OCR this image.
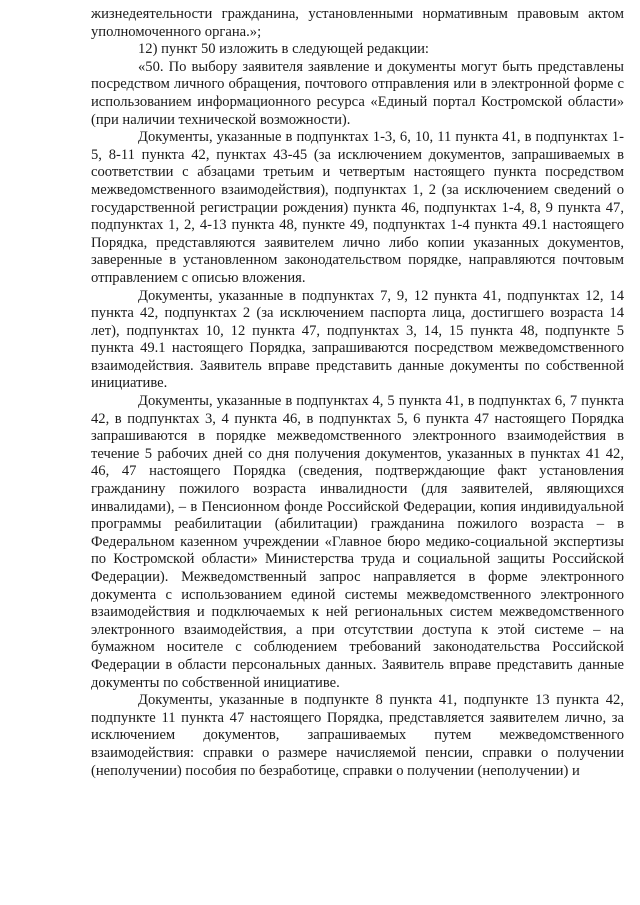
жизнедеятельности гражданина, установленными нормативным правовым актом уполномоченного органа.»;

12) пункт 50 изложить в следующей редакции:

«50. По выбору заявителя заявление и документы могут быть представлены посредством личного обращения, почтового отправления или в электронной форме с использованием информационного ресурса «Единый портал Костромской области» (при наличии технической возможности).

Документы, указанные в подпунктах 1-3, 6, 10, 11 пункта 41, в подпунктах 1-5, 8-11 пункта 42, пунктах 43-45 (за исключением документов, запрашиваемых в соответствии с абзацами третьим и четвертым настоящего пункта посредством межведомственного взаимодействия), подпунктах 1, 2 (за исключением сведений о государственной регистрации рождения) пункта 46, подпунктах 1-4, 8, 9 пункта 47, подпунктах 1, 2, 4-13 пункта 48, пункте 49, подпунктах 1-4 пункта 49.1 настоящего Порядка, представляются заявителем лично либо копии указанных документов, заверенные в установленном законодательством порядке, направляются почтовым отправлением с описью вложения.

Документы, указанные в подпунктах 7, 9, 12 пункта 41, подпунктах 12, 14 пункта 42, подпунктах 2 (за исключением паспорта лица, достигшего возраста 14 лет), подпунктах 10, 12 пункта 47, подпунктах 3, 14, 15 пункта 48, подпункте 5 пункта 49.1 настоящего Порядка, запрашиваются посредством межведомственного взаимодействия. Заявитель вправе представить данные документы по собственной инициативе.

Документы, указанные в подпунктах 4, 5 пункта 41, в подпунктах 6, 7 пункта 42, в подпунктах 3, 4 пункта 46, в подпунктах 5, 6 пункта 47 настоящего Порядка запрашиваются в порядке межведомственного электронного взаимодействия в течение 5 рабочих дней со дня получения документов, указанных в пунктах 41 42, 46, 47 настоящего Порядка (сведения, подтверждающие факт установления гражданину пожилого возраста инвалидности (для заявителей, являющихся инвалидами), – в Пенсионном фонде Российской Федерации, копия индивидуальной программы реабилитации (абилитации) гражданина пожилого возраста – в Федеральном казенном учреждении «Главное бюро медико-социальной экспертизы по Костромской области» Министерства труда и социальной защиты Российской Федерации). Межведомственный запрос направляется в форме электронного документа с использованием единой системы межведомственного электронного взаимодействия и подключаемых к ней региональных систем межведомственного электронного взаимодействия, а при отсутствии доступа к этой системе – на бумажном носителе с соблюдением требований законодательства Российской Федерации в области персональных данных. Заявитель вправе представить данные документы по собственной инициативе.

Документы, указанные в подпункте 8 пункта 41, подпункте 13 пункта 42, подпункте 11 пункта 47 настоящего Порядка, представляется заявителем лично, за исключением документов, запрашиваемых путем межведомственного взаимодействия: справки о размере начисляемой пенсии, справки о получении (неполучении) пособия по безработице, справки о получении (неполучении) и
